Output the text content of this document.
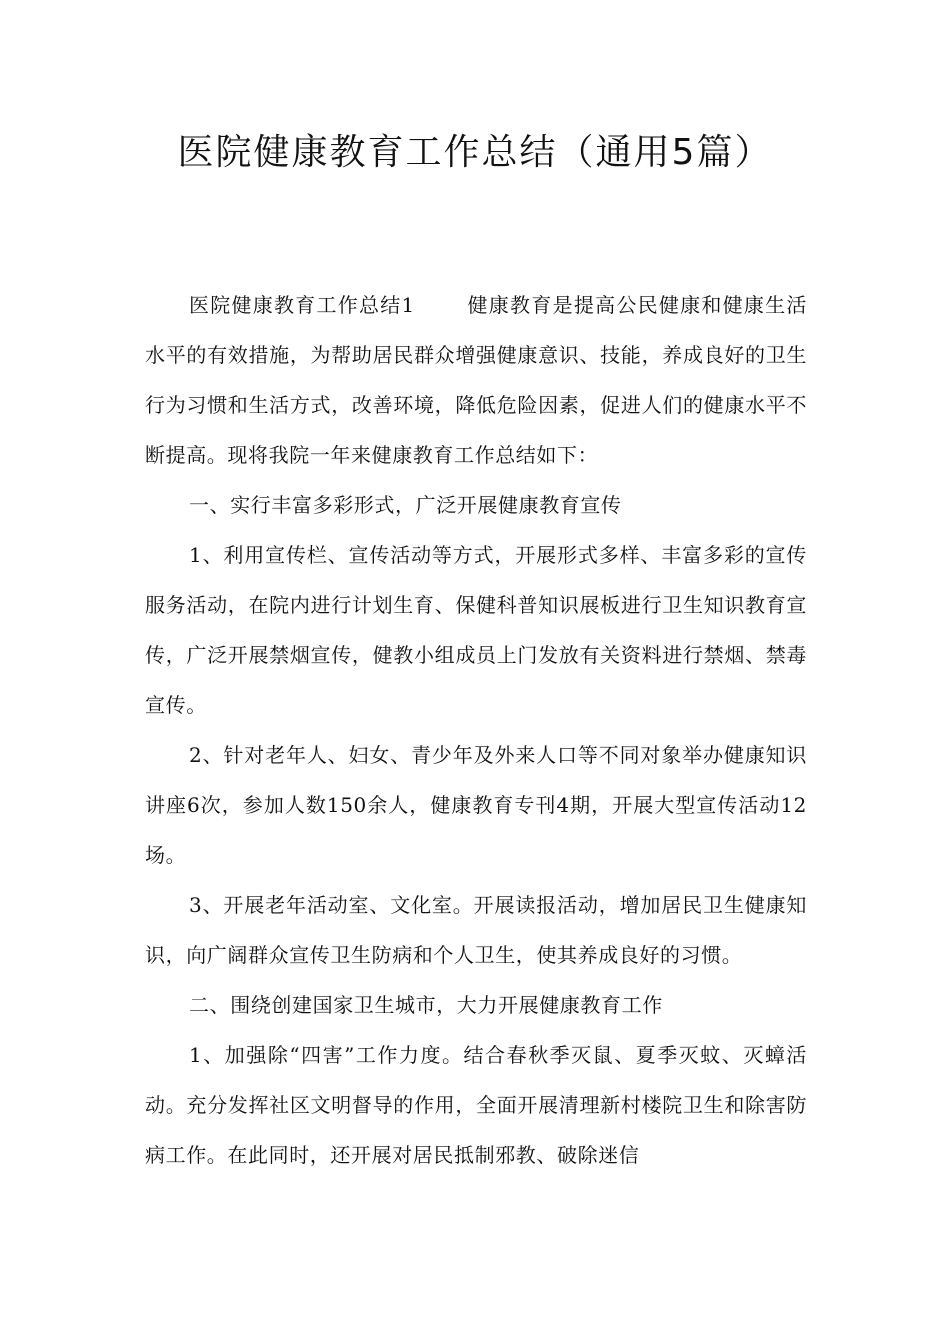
医院健康教育工作总结（通用5篇）

医院健康教育工作总结1	健康教育是提高公民健康和健康生活水平的有效措施，为帮助居民群众增强健康意识、技能，养成良好的卫生行为习惯和生活方式，改善环境，降低危险因素，促进人们的健康水平不断提高。现将我院一年来健康教育工作总结如下：

一、实行丰富多彩形式，广泛开展健康教育宣传

1、利用宣传栏、宣传活动等方式，开展形式多样、丰富多彩的宣传服务活动，在院内进行计划生育、保健科普知识展板进行卫生知识教育宣传，广泛开展禁烟宣传，健教小组成员上门发放有关资料进行禁烟、禁毒宣传。

2、针对老年人、妇女、青少年及外来人口等不同对象举办健康知识讲座6次，参加人数150余人，健康教育专刊4期，开展大型宣传活动12场。

3、开展老年活动室、文化室。开展读报活动，增加居民卫生健康知识，向广阔群众宣传卫生防病和个人卫生，使其养成良好的习惯。

二、围绕创建国家卫生城市，大力开展健康教育工作

1、加强除“四害”工作力度。结合春秋季灭鼠、夏季灭蚊、灭蟑活动。充分发挥社区文明督导的作用，全面开展清理新村楼院卫生和除害防病工作。在此同时，还开展对居民抵制邪教、破除迷信
